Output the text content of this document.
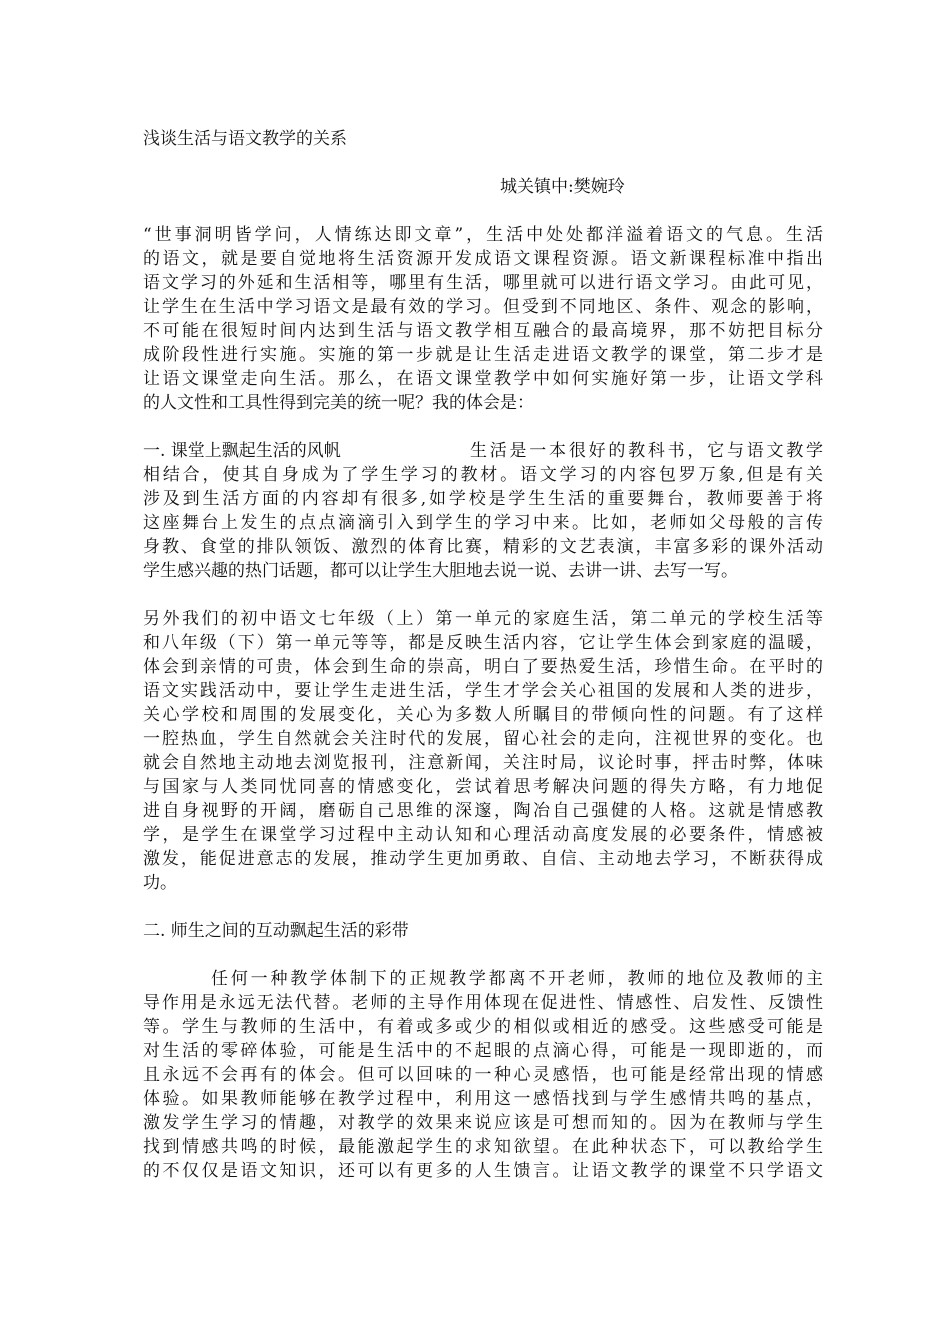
浅谈生活与语文教学的关系
城关镇中:樊婉玲
“世事洞明皆学问，人情练达即文章”，生活中处处都洋溢着语文的气息。生活
的语文，就是要自觉地将生活资源开发成语文课程资源。语文新课程标准中指出
语文学习的外延和生活相等，哪里有生活，哪里就可以进行语文学习。由此可见，
让学生在生活中学习语文是最有效的学习。但受到不同地区、条件、观念的影响，
不可能在很短时间内达到生活与语文教学相互融合的最高境界，那不妨把目标分
成阶段性进行实施。实施的第一步就是让生活走进语文教学的课堂，第二步才是
让语文课堂走向生活。那么，在语文课堂教学中如何实施好第一步，让语文学科
的人文性和工具性得到完美的统一呢？我的体会是：
一. 课堂上飘起生活的风帆	生活是一本很好的教科书，它与语文教学
相结合，使其自身成为了学生学习的教材。语文学习的内容包罗万象,但是有关
涉及到生活方面的内容却有很多,如学校是学生生活的重要舞台，教师要善于将
这座舞台上发生的点点滴滴引入到学生的学习中来。比如，老师如父母般的言传
身教、食堂的排队领饭、激烈的体育比赛，精彩的文艺表演，丰富多彩的课外活动
学生感兴趣的热门话题，都可以让学生大胆地去说一说、去讲一讲、去写一写。
另外我们的初中语文七年级（上）第一单元的家庭生活，第二单元的学校生活等
和八年级（下）第一单元等等，都是反映生活内容，它让学生体会到家庭的温暖，
体会到亲情的可贵，体会到生命的崇高，明白了要热爱生活，珍惜生命。在平时的
语文实践活动中，要让学生走进生活，学生才学会关心祖国的发展和人类的进步，
关心学校和周围的发展变化，关心为多数人所瞩目的带倾向性的问题。有了这样
一腔热血，学生自然就会关注时代的发展，留心社会的走向，注视世界的变化。也
就会自然地主动地去浏览报刊，注意新闻，关注时局，议论时事，抨击时弊，体味
与国家与人类同忧同喜的情感变化，尝试着思考解决问题的得失方略，有力地促
进自身视野的开阔，磨砺自己思维的深邃，陶冶自己强健的人格。这就是情感教
学，是学生在课堂学习过程中主动认知和心理活动高度发展的必要条件，情感被
激发，能促进意志的发展，推动学生更加勇敢、自信、主动地去学习，不断获得成
功。
二. 师生之间的互动飘起生活的彩带
任何一种教学体制下的正规教学都离不开老师，教师的地位及教师的主
导作用是永远无法代替。老师的主导作用体现在促进性、情感性、启发性、反馈性
等。学生与教师的生活中，有着或多或少的相似或相近的感受。这些感受可能是
对生活的零碎体验，可能是生活中的不起眼的点滴心得，可能是一现即逝的，而
且永远不会再有的体会。但可以回味的一种心灵感悟，也可能是经常出现的情感
体验。如果教师能够在教学过程中，利用这一感悟找到与学生感情共鸣的基点，
激发学生学习的情趣，对教学的效果来说应该是可想而知的。因为在教师与学生
找到情感共鸣的时候，最能激起学生的求知欲望。在此种状态下，可以教给学生
的不仅仅是语文知识，还可以有更多的人生馈言。让语文教学的课堂不只学语文
